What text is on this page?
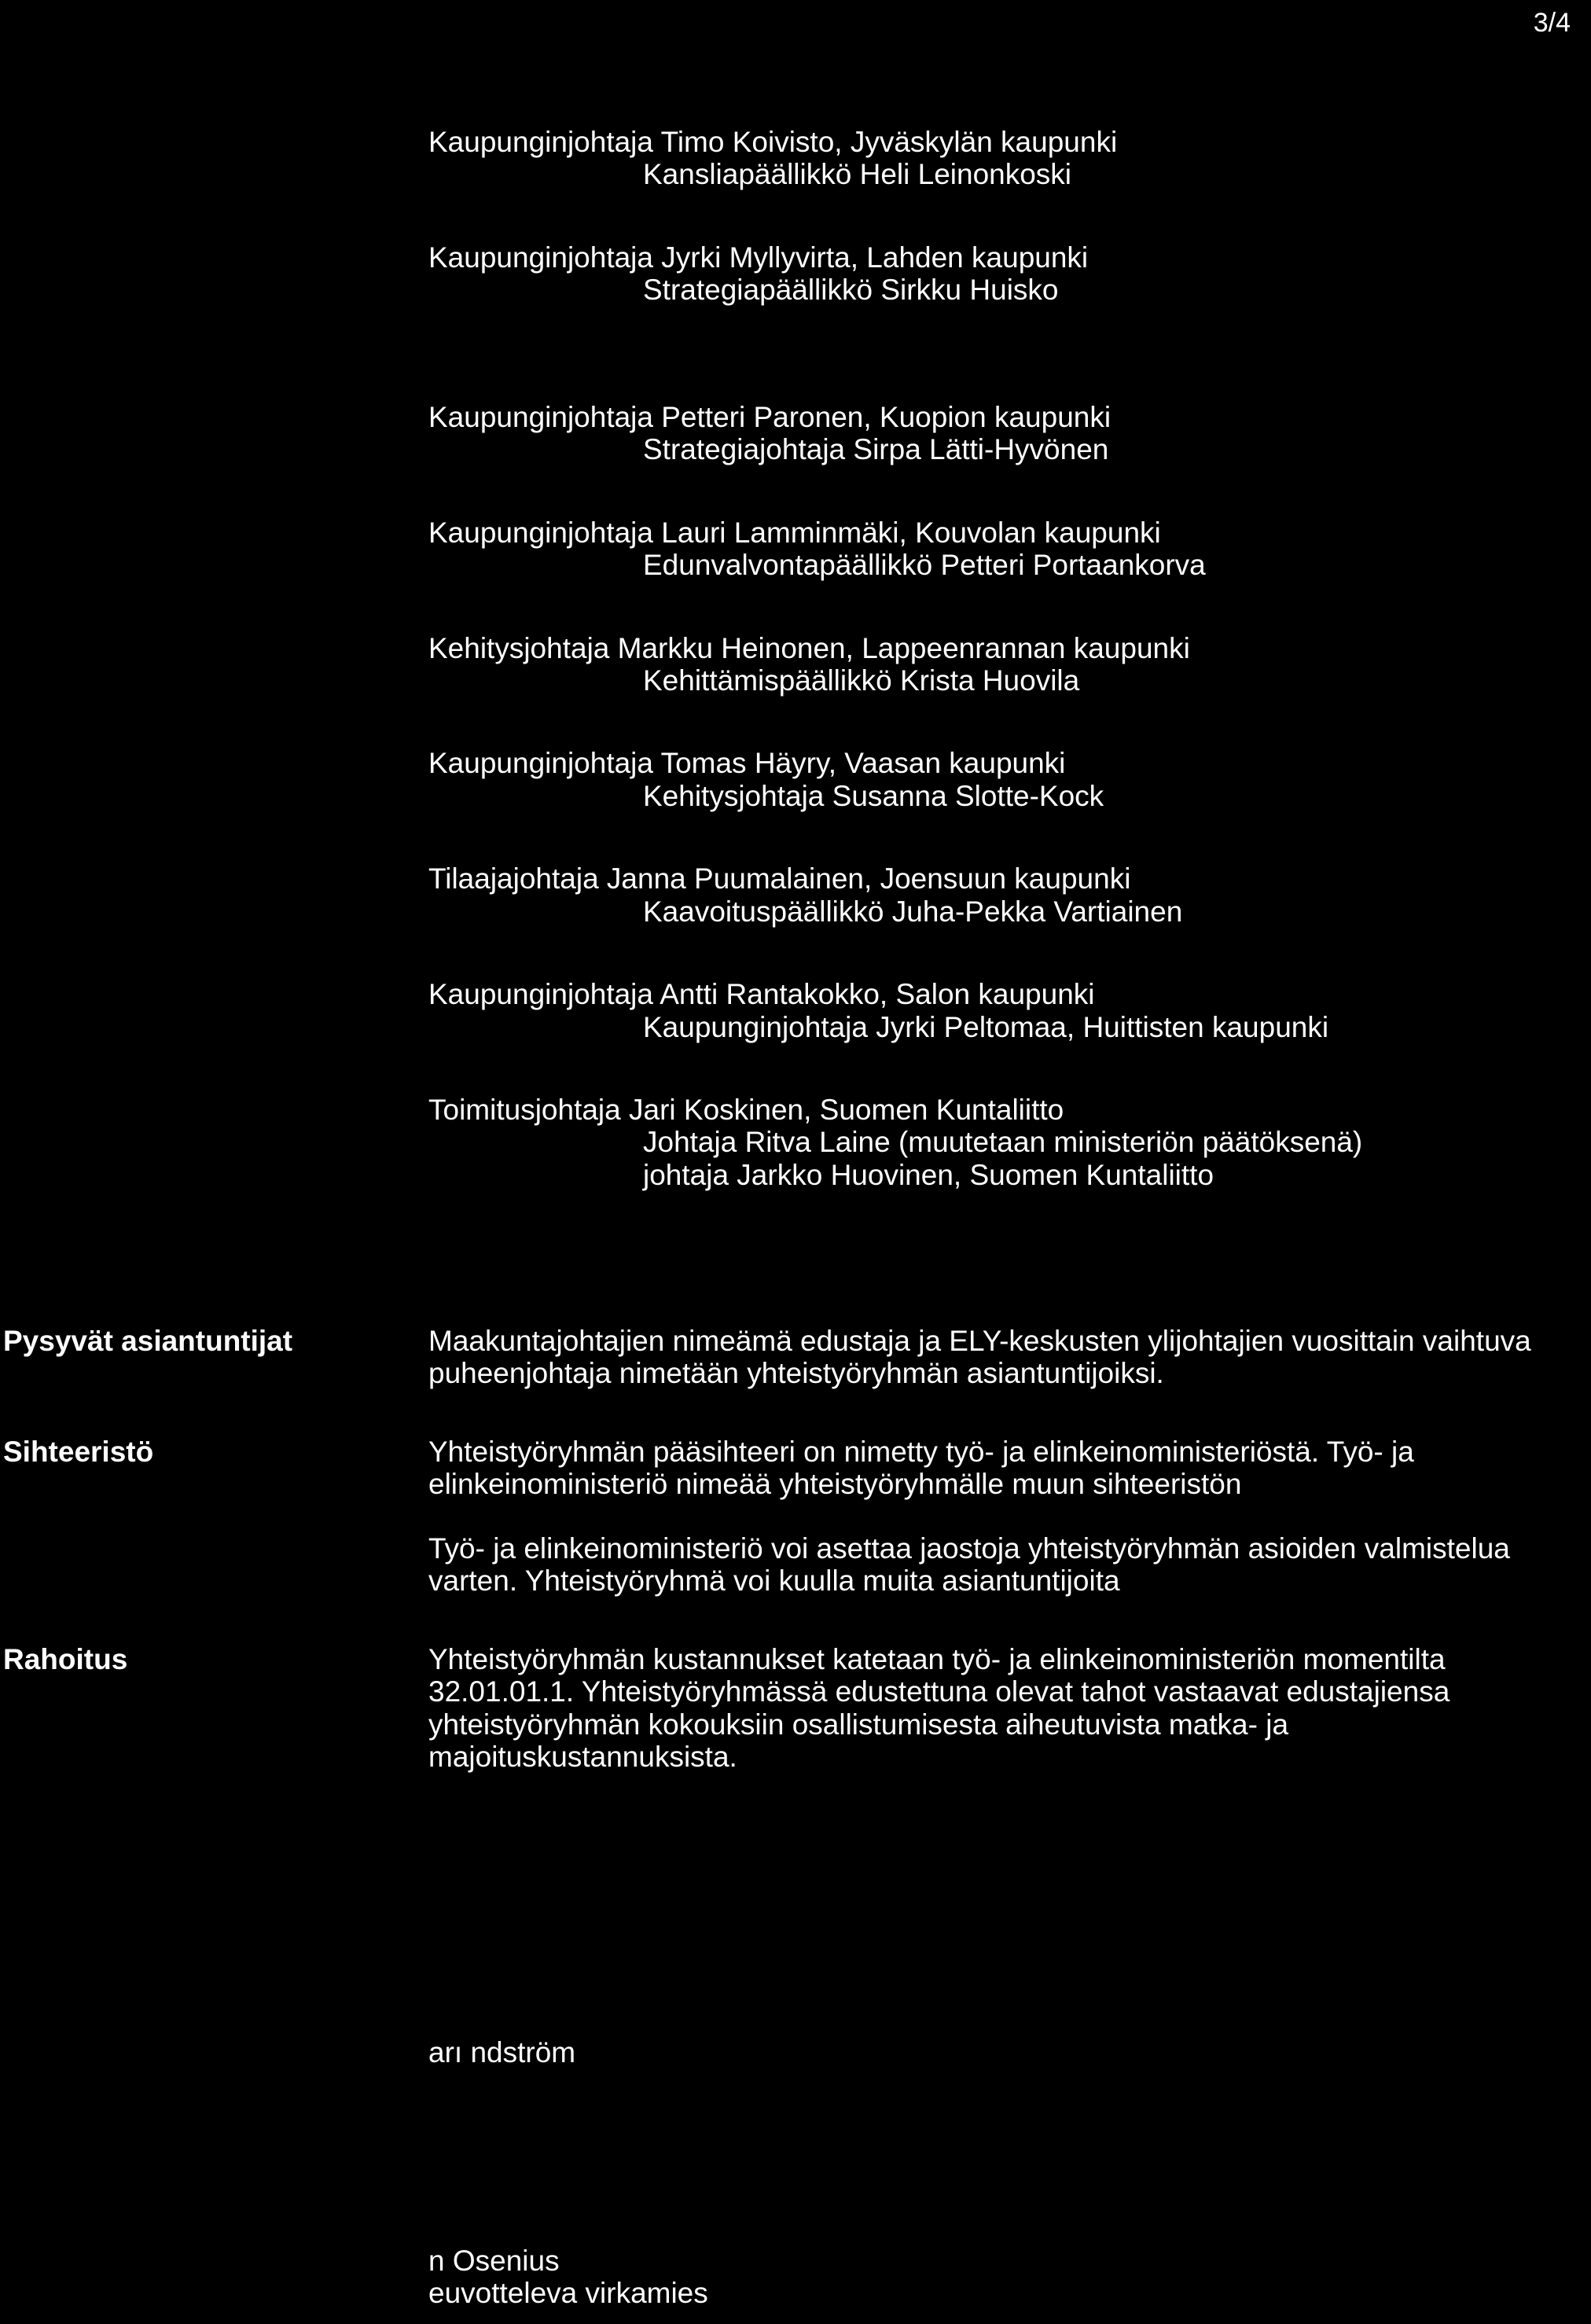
3/4
Kaupunginjohtaja Timo Koivisto, Jyväskylän kaupunki
Kansliapäällikkö Heli Leinonkoski
Kaupunginjohtaja Jyrki Myllyvirta, Lahden kaupunki
Strategiapäällikkö Sirkku Huisko
Kaupunginjohtaja Petteri Paronen, Kuopion kaupunki
Strategiajohtaja Sirpa Lätti-Hyvönen
Kaupunginjohtaja Lauri Lamminmäki, Kouvolan kaupunki
Edunvalvontapäällikkö Petteri Portaankorva
Kehitysjohtaja Markku Heinonen, Lappeenrannan kaupunki
Kehittämispäällikkö Krista Huovila
Kaupunginjohtaja Tomas Häyry, Vaasan kaupunki
Kehitysjohtaja Susanna Slotte-Kock
Tilaajajohtaja Janna Puumalainen, Joensuun kaupunki
Kaavoituspäällikkö Juha-Pekka Vartiainen
Kaupunginjohtaja Antti Rantakokko, Salon kaupunki
Kaupunginjohtaja Jyrki Peltomaa, Huittisten kaupunki
Toimitusjohtaja Jari Koskinen, Suomen Kuntaliitto
Johtaja Ritva Laine (muutetaan ministeriön päätöksenä)
johtaja Jarkko Huovinen, Suomen Kuntaliitto
Pysyvät asiantuntijat	Maakuntajohtajien nimeämä edustaja ja ELY-keskusten ylijohtajien vuosittain vaihtuva puheenjohtaja nimetään yhteistyöryhmän asiantuntijoiksi.

Sihteeristö	Yhteistyöryhmän pääsihteeri on nimetty työ- ja elinkeinoministeriöstä. Työ- ja elinkeinoministeriö nimeää yhteistyöryhmälle muun sihteeristön

Työ- ja elinkeinoministeriö voi asettaa jaostoja yhteistyöryhmän asioiden valmistelua varten. Yhteistyöryhmä voi kuulla muita asiantuntijoita

Rahoitus	Yhteistyöryhmän kustannukset katetaan työ- ja elinkeinoministeriön momentilta 32.01.01.1. Yhteistyöryhmässä edustettuna olevat tahot vastaavat edustajiensa yhteistyöryhmän kokouksiin osallistumisesta aiheutuvista matka- ja majoituskustannuksista.

arı ndström
n Osenius
euvotteleva virkamies
